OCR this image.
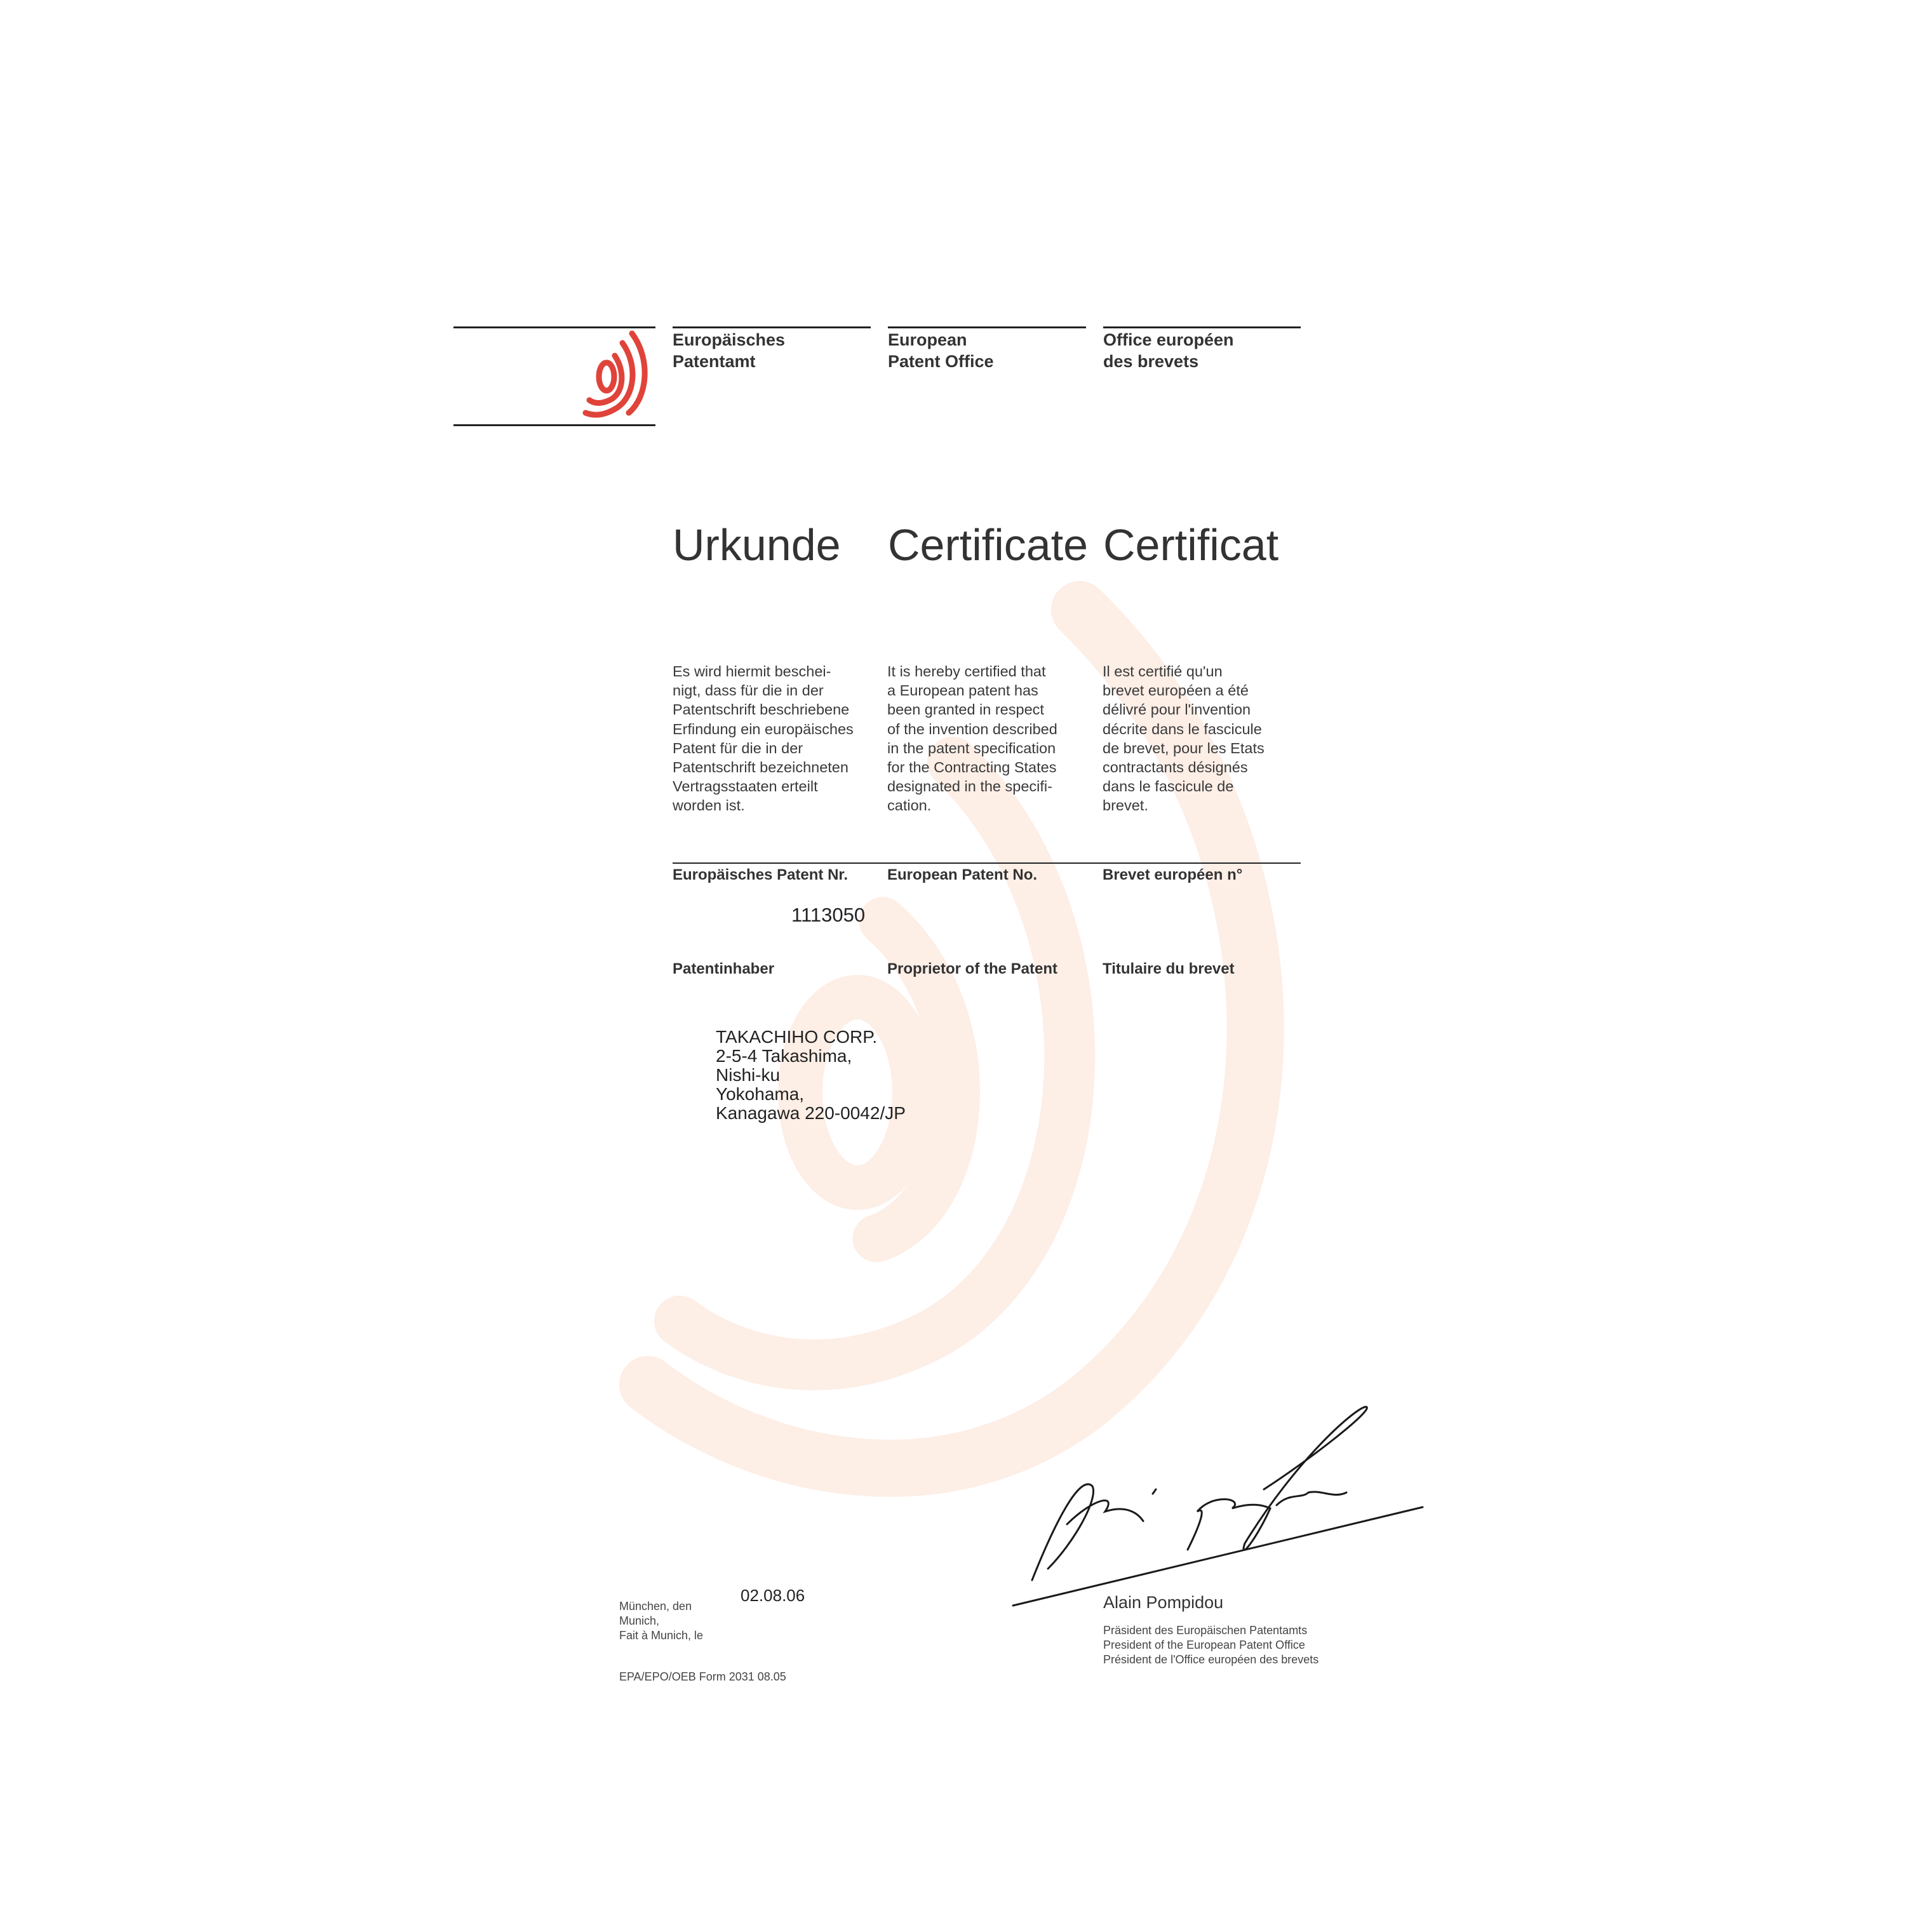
Europäisches
Patentamt
European
Patent Office
Office européen
des brevets
Urkunde Certificate Certificat
Es wird hiermit beschei-
nigt, dass für die in der
Patentschrift beschriebene
Erfindung ein europäisches
Patent für die in der
Patentschrift bezeichneten
Vertragsstaaten erteilt
worden ist.
It is hereby certified that
a European patent has
been granted in respect
of the invention described
in the patent specification
for the Contracting States
designated in the specifi-
cation.
Il est certifié qu'un
brevet européen a été
délivré pour l'invention
décrite dans le fascicule
de brevet, pour les Etats
contractants désignés
dans le fascicule de
brevet.
Europäisches Patent Nr.	European Patent No.	Brevet européen n°
1113050
Patentinhaber	Proprietor of the Patent	Titulaire du brevet
TAKACHIHO CORP.
2-5-4 Takashima,
Nishi-ku
Yokohama,
Kanagawa 220-0042/JP
München, den
Munich,
Fait à Munich, le
02.08.06
EPA/EPO/OEB Form 2031 08.05
Alain Pompidou
Präsident des Europäischen Patentamts
President of the European Patent Office
Président de l'Office européen des brevets
